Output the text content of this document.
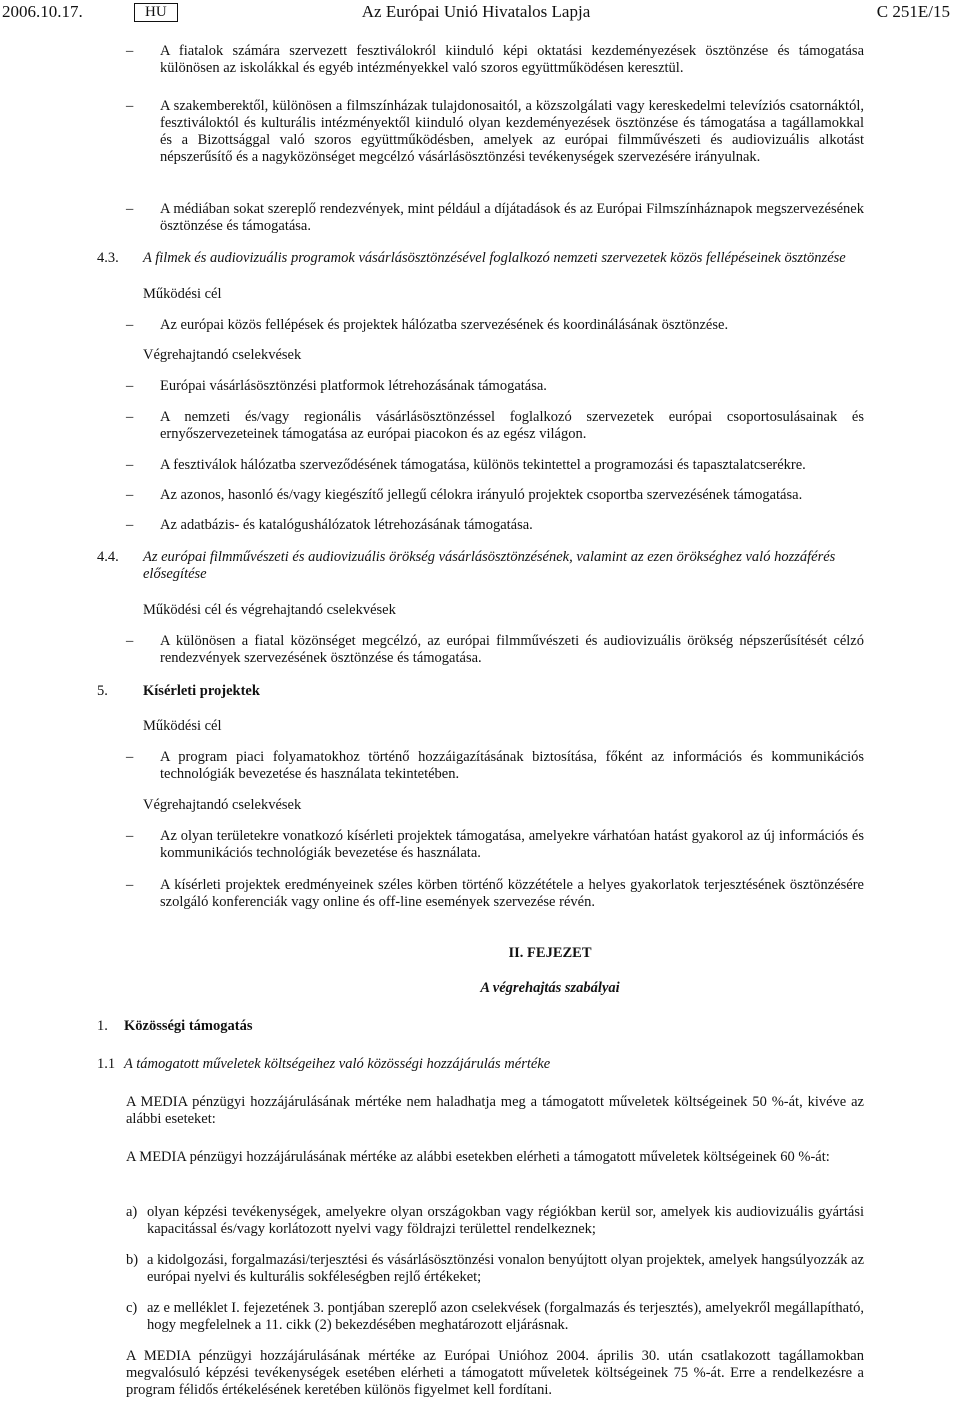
2006.10.17.	HU	Az Európai Unió Hivatalos Lapja	C 251E/15
– A fiatalok számára szervezett fesztiválokról kiinduló képi oktatási kezdeményezések ösztönzése és támogatása különösen az iskolákkal és egyéb intézményekkel való szoros együttműködésen keresztül.
– A szakemberektől, különösen a filmszínházak tulajdonosaitól, a közszolgálati vagy kereskedelmi televíziós csatornáktól, fesztiváloktól és kulturális intézményektől kiinduló olyan kezdeményezések ösztönzése és támogatása a tagállamokkal és a Bizottsággal való szoros együttműködésben, amelyek az európai filmművészeti és audiovizuális alkotást népszerűsítő és a nagyközönséget megcélzó vásárlásösztönzési tevékenységek szervezésére irányulnak.
– A médiában sokat szereplő rendezvények, mint például a díjátadások és az Európai Filmszínháznapok megszervezésének ösztönzése és támogatása.
4.3. A filmek és audiovizuális programok vásárlásösztönzésével foglalkozó nemzeti szervezetek közös fellépéseinek ösztönzése
Működési cél
– Az európai közös fellépések és projektek hálózatba szervezésének és koordinálásának ösztönzése.
Végrehajtandó cselekvések
– Európai vásárlásösztönzési platformok létrehozásának támogatása.
– A nemzeti és/vagy regionális vásárlásösztönzéssel foglalkozó szervezetek európai csoportosulásainak és ernyőszervezeteinek támogatása az európai piacokon és az egész világon.
– A fesztiválok hálózatba szerveződésének támogatása, különös tekintettel a programozási és tapasztalatcserékre.
– Az azonos, hasonló és/vagy kiegészítő jellegű célokra irányuló projektek csoportba szervezésének támogatása.
– Az adatbázis- és katalógushálózatok létrehozásának támogatása.
4.4. Az európai filmművészeti és audiovizuális örökség vásárlásösztönzésének, valamint az ezen örökséghez való hozzáférés elősegítése
Működési cél és végrehajtandó cselekvések
– A különösen a fiatal közönséget megcélzó, az európai filmművészeti és audiovizuális örökség népszerűsítését célzó rendezvények szervezésének ösztönzése és támogatása.
5. Kísérleti projektek
Működési cél
– A program piaci folyamatokhoz történő hozzáigazításának biztosítása, főként az információs és kommunikációs technológiák bevezetése és használata tekintetében.
Végrehajtandó cselekvések
– Az olyan területekre vonatkozó kísérleti projektek támogatása, amelyekre várhatóan hatást gyakorol az új információs és kommunikációs technológiák bevezetése és használata.
– A kísérleti projektek eredményeinek széles körben történő közzététele a helyes gyakorlatok terjesztésének ösztönzésére szolgáló konferenciák vagy online és off-line események szervezése révén.
II. FEJEZET
A végrehajtás szabályai
1. Közösségi támogatás
1.1 A támogatott műveletek költségeihez való közösségi hozzájárulás mértéke
A MEDIA pénzügyi hozzájárulásának mértéke nem haladhatja meg a támogatott műveletek költségeinek 50 %-át, kivéve az alábbi eseteket:
A MEDIA pénzügyi hozzájárulásának mértéke az alábbi esetekben elérheti a támogatott műveletek költségeinek 60 %-át:
a) olyan képzési tevékenységek, amelyekre olyan országokban vagy régiókban kerül sor, amelyek kis audiovizuális gyártási kapacitással és/vagy korlátozott nyelvi vagy földrajzi területtel rendelkeznek;
b) a kidolgozási, forgalmazási/terjesztési és vásárlásösztönzési vonalon benyújtott olyan projektek, amelyek hangsúlyozzák az európai nyelvi és kulturális sokféleségben rejlő értékeket;
c) az e melléklet I. fejezetének 3. pontjában szereplő azon cselekvések (forgalmazás és terjesztés), amelyekről megállapítható, hogy megfelelnek a 11. cikk (2) bekezdésében meghatározott eljárásnak.
A MEDIA pénzügyi hozzájárulásának mértéke az Európai Unióhoz 2004. április 30. után csatlakozott tagállamokban megvalósuló képzési tevékenységek esetében elérheti a támogatott műveletek költségeinek 75 %-át. Erre a rendelkezésre a program félidős értékelésének keretében különös figyelmet kell fordítani.
